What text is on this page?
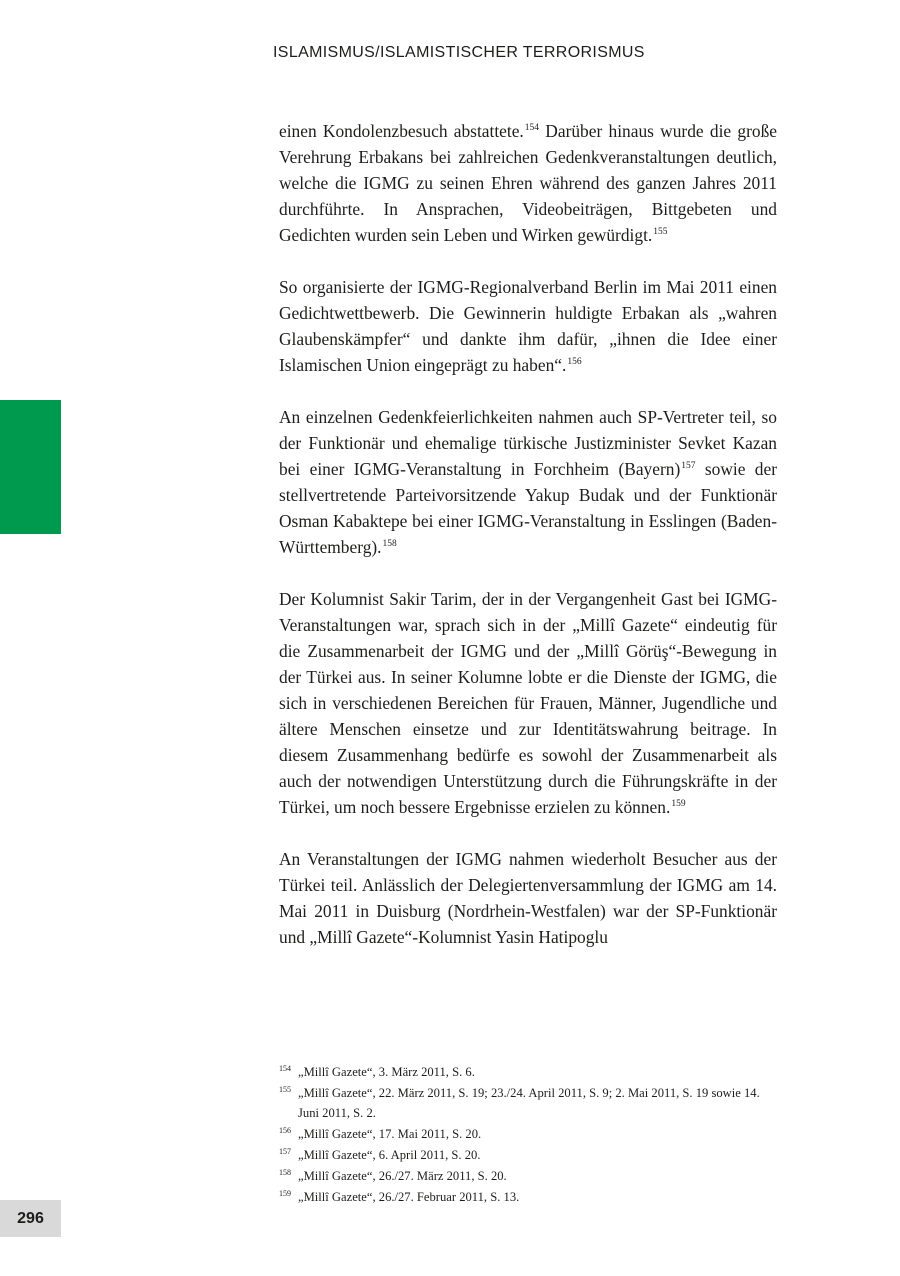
ISLAMISMUS/ISLAMISTISCHER TERRORISMUS

einen Kondolenzbesuch abstattete.$^{154}$ Darüber hinaus wurde die große Verehrung Erbakans bei zahlreichen Gedenkveranstaltungen deutlich, welche die IGMG zu seinen Ehren während des ganzen Jahres 2011 durchführte. In Ansprachen, Videobeiträgen, Bittgebeten und Gedichten wurden sein Leben und Wirken gewürdigt.$^{155}$

So organisierte der IGMG-Regionalverband Berlin im Mai 2011 einen Gedichtwettbewerb. Die Gewinnerin huldigte Erbakan als „wahren Glaubenskämpfer“ und dankte ihm dafür, „ihnen die Idee einer Islamischen Union eingeprägt zu haben“.$^{156}$

An einzelnen Gedenkfeierlichkeiten nahmen auch SP-Vertreter teil, so der Funktionär und ehemalige türkische Justizminister Sevket Kazan bei einer IGMG-Veranstaltung in Forchheim (Bayern)$^{157}$ sowie der stellvertretende Parteivorsitzende Yakup Budak und der Funktionär Osman Kabaktepe bei einer IGMG-Veranstaltung in Esslingen (Baden-Württemberg).$^{158}$

Der Kolumnist Sakir Tarim, der in der Vergangenheit Gast bei IGMG-Veranstaltungen war, sprach sich in der „Millî Gazete“ eindeutig für die Zusammenarbeit der IGMG und der „Millî Görüş“-Bewegung in der Türkei aus. In seiner Kolumne lobte er die Dienste der IGMG, die sich in verschiedenen Bereichen für Frauen, Männer, Jugendliche und ältere Menschen einsetze und zur Identitätswahrung beitrage. In diesem Zusammenhang bedürfe es sowohl der Zusammenarbeit als auch der notwendigen Unterstützung durch die Führungskräfte in der Türkei, um noch bessere Ergebnisse erzielen zu können.$^{159}$

An Veranstaltungen der IGMG nahmen wiederholt Besucher aus der Türkei teil. Anlässlich der Delegiertenversammlung der IGMG am 14. Mai 2011 in Duisburg (Nordrhein-Westfalen) war der SP-Funktionär und „Millî Gazete“-Kolumnist Yasin Hatipoglu

154 „Millî Gazete“, 3. März 2011, S. 6.
155 „Millî Gazete“, 22. März 2011, S. 19; 23./24. April 2011, S. 9; 2. Mai 2011, S. 19 sowie 14. Juni 2011, S. 2.
156 „Millî Gazete“, 17. Mai 2011, S. 20.
157 „Millî Gazete“, 6. April 2011, S. 20.
158 „Millî Gazete“, 26./27. März 2011, S. 20.
159 „Millî Gazete“, 26./27. Februar 2011, S. 13.
296
